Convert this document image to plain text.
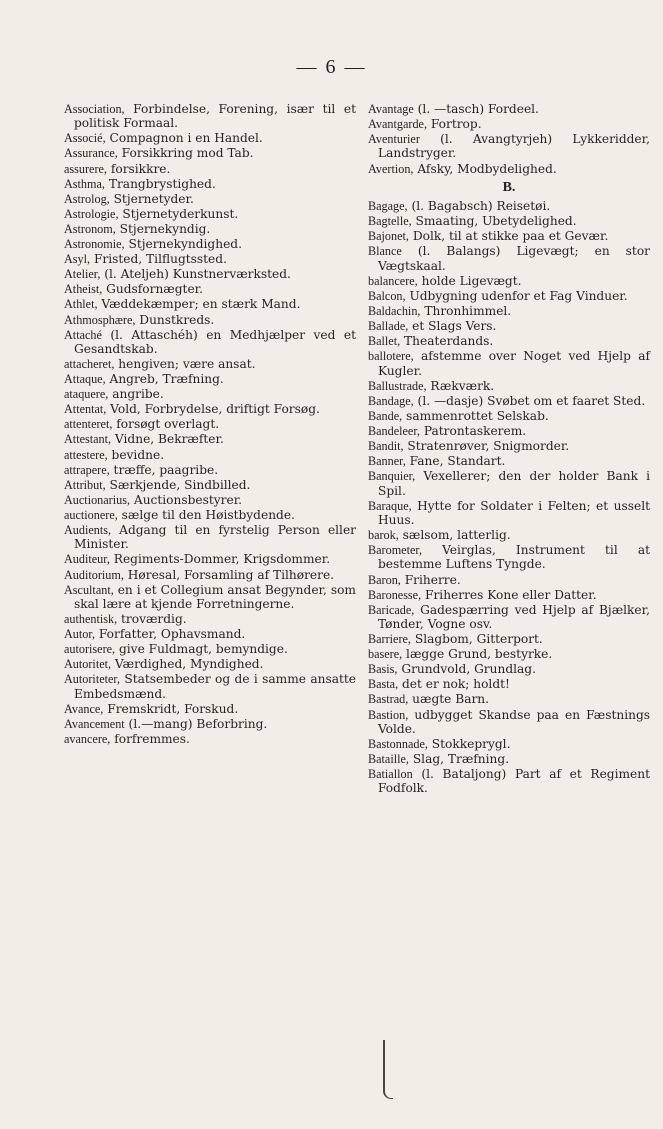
— 6 —
Association, Forbindelse, Forening, især til et politisk Formaal.
Associé, Compagnon i en Handel.
Assurance, Forsikkring mod Tab.
assurere, forsikkre.
Asthma, Trangbrystighed.
Astrolog, Stjernetyder.
Astrologie, Stjernetyderkunst.
Astronom, Stjernekyndig.
Astronomie, Stjernekyndighed.
Asyl, Fristed, Tilflugtssted.
Atelier, (l. Ateljeh) Kunstnerværksted.
Atheist, Gudsfornægter.
Athlet, Væddekæmper; en stærk Mand.
Athmosphære, Dunstkreds.
Attaché (l. Attaschéh) en Medhjælper ved et Gesandtskab.
attacheret, hengiven; være ansat.
Attaque, Angreb, Træfning.
ataquere, angribe.
Attentat, Vold, Forbrydelse, driftigt Forsøg.
attenteret, forsøgt overlagt.
Attestant, Vidne, Bekræfter.
attestere, bevidne.
attrapere, træffe, paagribe.
Attribut, Særkjende, Sindbilled.
Auctionarius, Auctionsbestyrer.
auctionere, sælge til den Høistbydende.
Audients, Adgang til en fyrstelig Person eller Minister.
Auditeur, Regiments-Dommer, Krigsdommer.
Auditorium, Høresal, Forsamling af Tilhørere.
Ascultant, en i et Collegium ansat Begynder, som skal lære at kjende Forretningerne.
authentisk, troværdig.
Autor, Forfatter, Ophavsmand.
autorisere, give Fuldmagt, bemyndige.
Autoritet, Værdighed, Myndighed.
Autoriteter, Statsembeder og de i samme ansatte Embedsmænd.
Avance, Fremskridt, Forskud.
Avancement (l.—mang) Beforbring.
avancere, forfremmes.
Avantage (l. —tasch) Fordeel.
Avantgarde, Fortrop.
Aventurier (l. Avangtyrjeh) Lykkeridder, Landstryger.
Avertion, Afsky, Modbydelighed.
B.
Bagage, (l. Bagabsch) Reisetøi.
Bagtelle, Smaating, Ubetydelighed.
Bajonet, Dolk, til at stikke paa et Gevær.
Blance (l. Balangs) Ligevægt; en stor Vægtskaal.
balancere, holde Ligevægt.
Balcon, Udbygning udenfor et Fag Vinduer.
Baldachin, Thronhimmel.
Ballade, et Slags Vers.
Ballet, Theaterdands.
ballotere, afstemme over Noget ved Hjelp af Kugler.
Ballustrade, Rækværk.
Bandage, (l. —dasje) Svøbet om et faaret Sted.
Bande, sammenrottet Selskab.
Bandeleer, Patrontaskerem.
Bandit, Stratenrøver, Snigmorder.
Banner, Fane, Standart.
Banquier, Vexellerer; den der holder Bank i Spil.
Baraque, Hytte for Soldater i Felten; et usselt Huus.
barok, sælsom, latterlig.
Barometer, Veirglas, Instrument til at bestemme Luftens Tyngde.
Baron, Friherre.
Baronesse, Friherres Kone eller Datter.
Baricade, Gadespærring ved Hjelp af Bjælker, Tønder, Vogne osv.
Barriere, Slagbom, Gitterport.
basere, lægge Grund, bestyrke.
Basis, Grundvold, Grundlag.
Basta, det er nok; holdt!
Bastrad, uægte Barn.
Bastion, udbygget Skandse paa en Fæstnings Volde.
Bastonnade, Stokkeprygl.
Bataille, Slag, Træfning.
Batiallon (l. Bataljong) Part af et Regiment Fodfolk.
